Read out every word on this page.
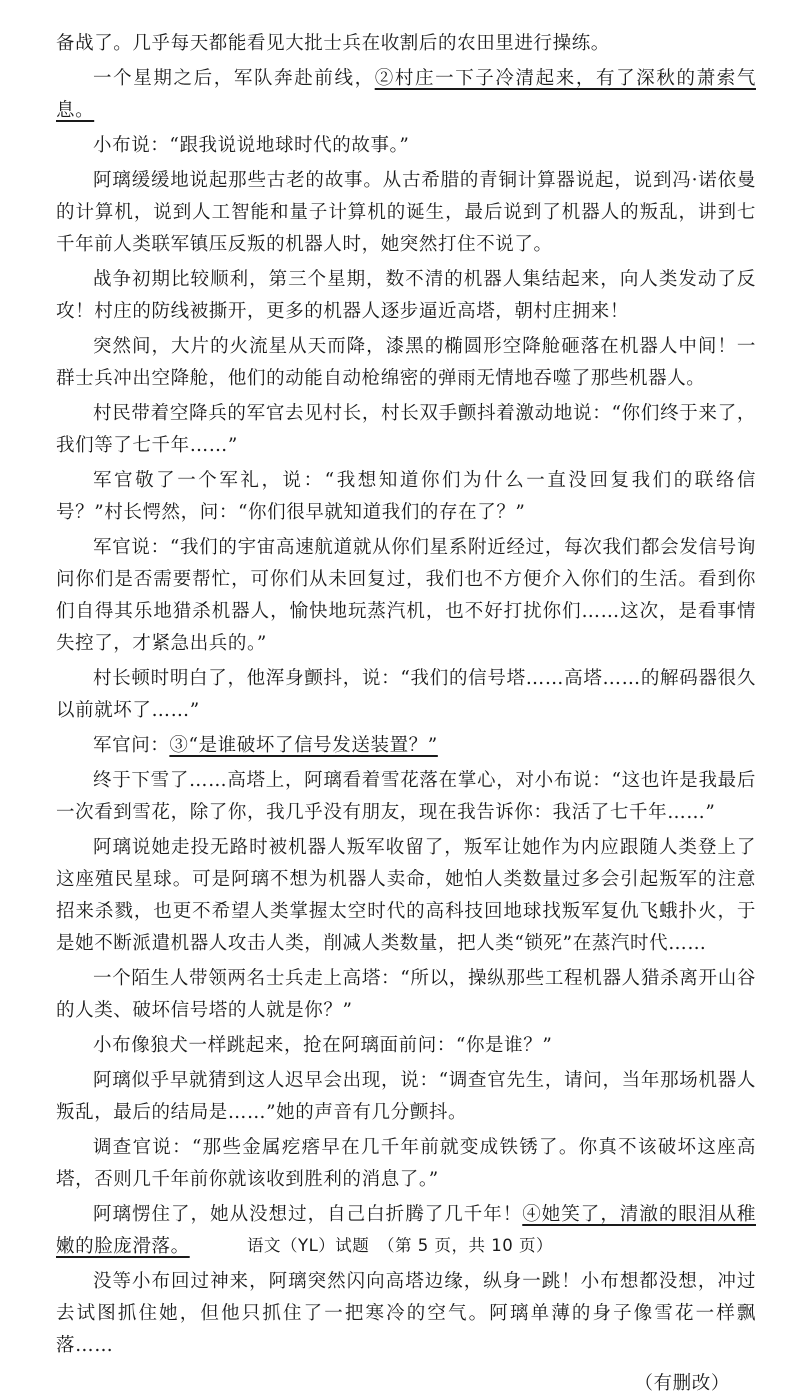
备战了。几乎每天都能看见大批士兵在收割后的农田里进行操练。

一个星期之后，军队奔赴前线，②村庄一下子冷清起来，有了深秋的萧索气息。

小布说：“跟我说说地球时代的故事。”

阿璃缓缓地说起那些古老的故事。从古希腊的青铜计算器说起，说到冯·诺依曼的计算机，说到人工智能和量子计算机的诞生，最后说到了机器人的叛乱，讲到七千年前人类联军镇压反叛的机器人时，她突然打住不说了。

战争初期比较顺利，第三个星期，数不清的机器人集结起来，向人类发动了反攻！村庄的防线被撕开，更多的机器人逐步逼近高塔，朝村庄拥来！

突然间，大片的火流星从天而降，漆黑的椭圆形空降舱砸落在机器人中间！一群士兵冲出空降舱，他们的动能自动枪绵密的弹雨无情地吞噬了那些机器人。

村民带着空降兵的军官去见村长，村长双手颤抖着激动地说：“你们终于来了，我们等了七千年……”

军官敬了一个军礼，说：“我想知道你们为什么一直没回复我们的联络信号？”村长愕然，问：“你们很早就知道我们的存在了？”

军官说：“我们的宇宙高速航道就从你们星系附近经过，每次我们都会发信号询问你们是否需要帮忙，可你们从未回复过，我们也不方便介入你们的生活。看到你们自得其乐地猎杀机器人，愉快地玩蒸汽机，也不好打扰你们……这次，是看事情失控了，才紧急出兵的。”

村长顿时明白了，他浑身颤抖，说：“我们的信号塔……高塔……的解码器很久以前就坏了……”

军官问：③“是谁破坏了信号发送装置？”

终于下雪了……高塔上，阿璃看着雪花落在掌心，对小布说：“这也许是我最后一次看到雪花，除了你，我几乎没有朋友，现在我告诉你：我活了七千年……”

阿璃说她走投无路时被机器人叛军收留了，叛军让她作为内应跟随人类登上了这座殖民星球。可是阿璃不想为机器人卖命，她怕人类数量过多会引起叛军的注意招来杀戮，也更不希望人类掌握太空时代的高科技回地球找叛军复仇飞蛾扑火，于是她不断派遣机器人攻击人类，削减人类数量，把人类“锁死”在蒸汽时代……

一个陌生人带领两名士兵走上高塔：“所以，操纵那些工程机器人猎杀离开山谷的人类、破坏信号塔的人就是你？”

小布像狼犬一样跳起来，抢在阿璃面前问：“你是谁？”

阿璃似乎早就猜到这人迟早会出现，说：“调查官先生，请问，当年那场机器人叛乱，最后的结局是……”她的声音有几分颤抖。

调查官说：“那些金属疙瘩早在几千年前就变成铁锈了。你真不该破坏这座高塔，否则几千年前你就该收到胜利的消息了。”

阿璃愣住了，她从没想过，自己白折腾了几千年！④她笑了，清澈的眼泪从稚嫩的脸庞滑落。

没等小布回过神来，阿璃突然闪向高塔边缘，纵身一跳！小布想都没想，冲过去试图抓住她，但他只抓住了一把寒冷的空气。阿璃单薄的身子像雪花一样飘落……

（有删改）
语文（YL）试题　（第 5 页，共 10 页）
